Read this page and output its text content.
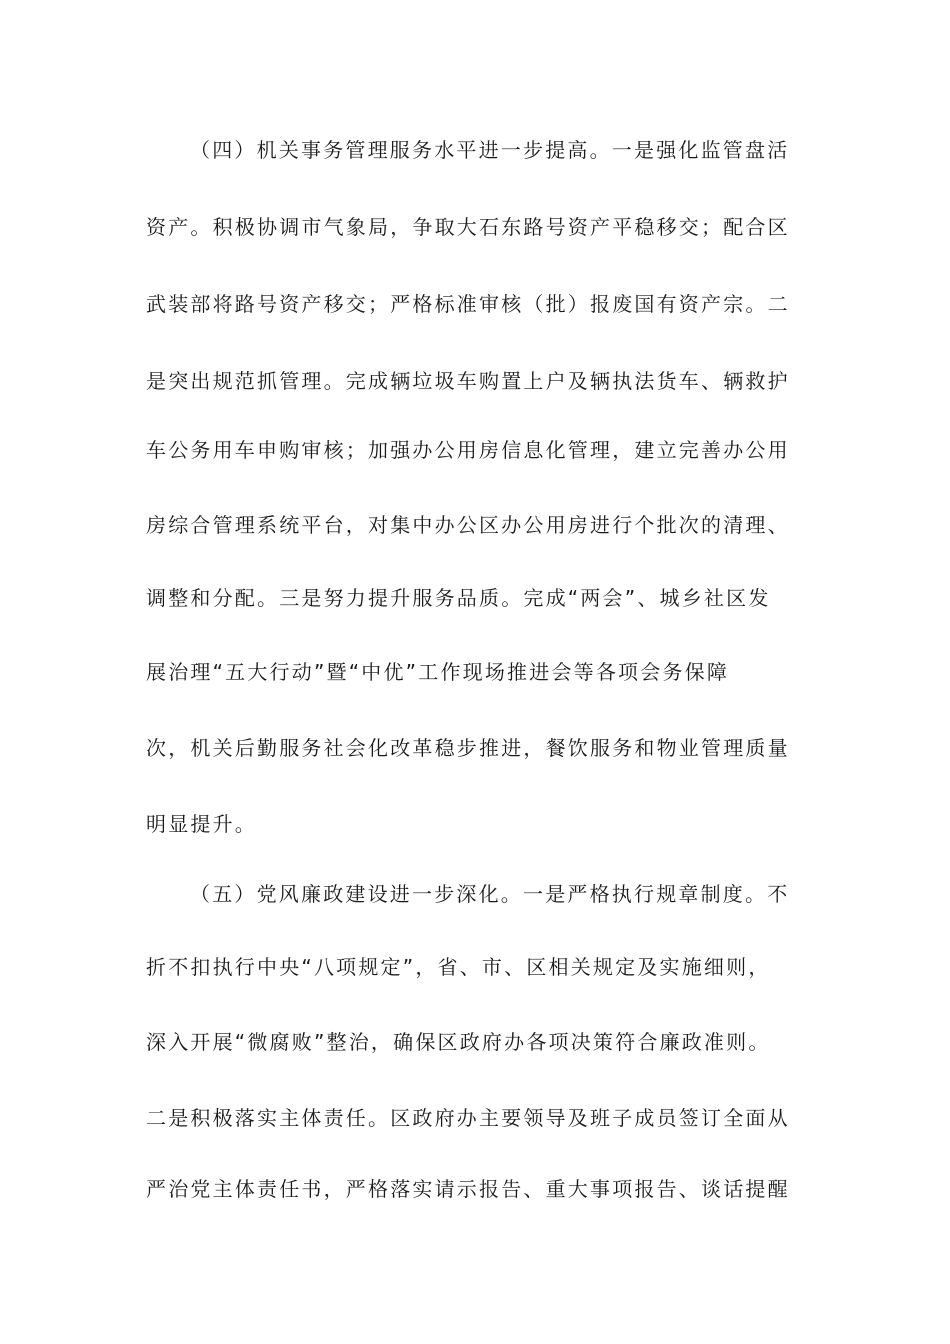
（四）机关事务管理服务水平进一步提高。一是强化监管盘活
资产。积极协调市气象局，争取大石东路号资产平稳移交；配合区
武装部将路号资产移交；严格标准审核（批）报废国有资产宗。二
是突出规范抓管理。完成辆垃圾车购置上户及辆执法货车、辆救护
车公务用车申购审核；加强办公用房信息化管理，建立完善办公用
房综合管理系统平台，对集中办公区办公用房进行个批次的清理、
调整和分配。三是努力提升服务品质。完成“两会”、城乡社区发
展治理“五大行动”暨“中优”工作现场推进会等各项会务保障
次，机关后勤服务社会化改革稳步推进，餐饮服务和物业管理质量
明显提升。
（五）党风廉政建设进一步深化。一是严格执行规章制度。不
折不扣执行中央“八项规定”，省、市、区相关规定及实施细则，
深入开展“微腐败”整治，确保区政府办各项决策符合廉政准则。
二是积极落实主体责任。区政府办主要领导及班子成员签订全面从
严治党主体责任书，严格落实请示报告、重大事项报告、谈话提醒
